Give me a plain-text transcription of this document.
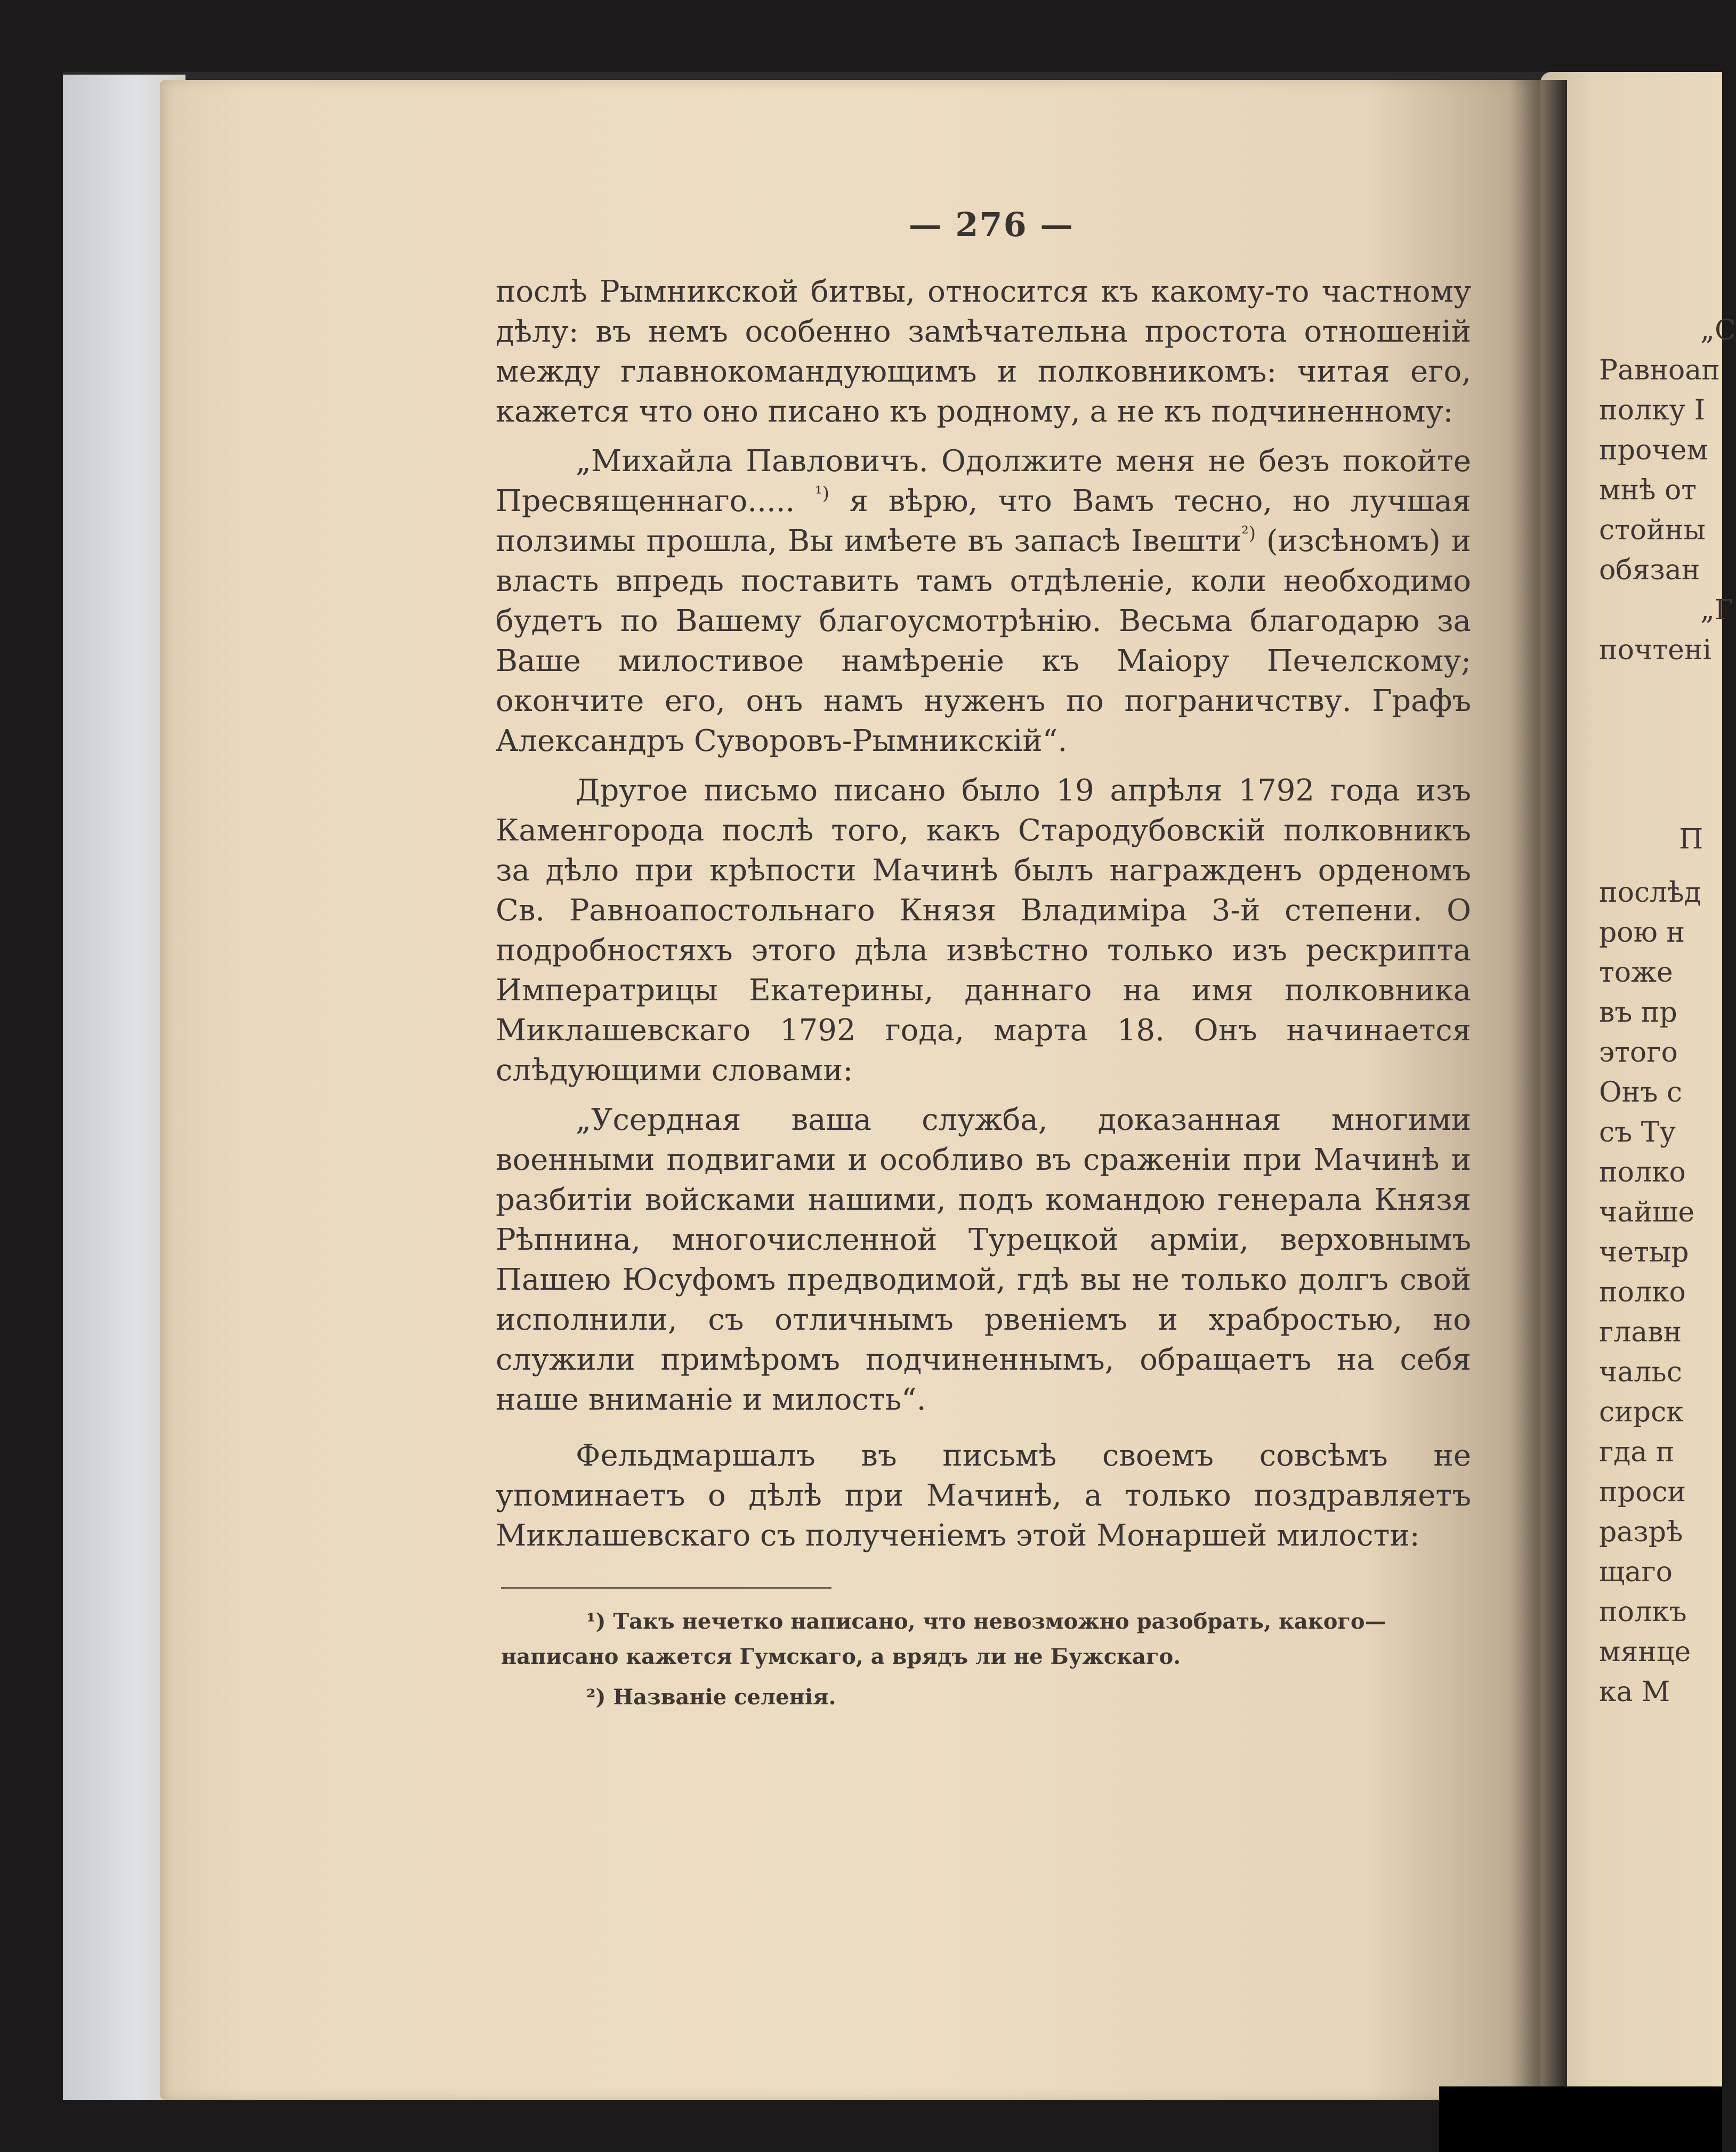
— 276 —

послѣ Рымникской битвы, относится къ какому-то частному дѣлу: въ немъ особенно замѣчательна простота отношеній между главнокомандующимъ и полковникомъ: читая его, кажется что оно писано къ родному, а не къ подчиненному:

„Михайла Павловичъ. Одолжите меня не безъ покойте Пресвященнаго..... $^{^1)}$ я вѣрю, что Вамъ тесно, но лучшая ползимы прошла, Вы имѣете въ запасѣ Івешти$^{^2)}$ (изсѣномъ) и власть впредь поставить тамъ отдѣленіе, коли необходимо будетъ по Вашему благоусмотрѣнію. Весьма благодарю за Ваше милостивое намѣреніе къ Маіору Печелскому; окончите его, онъ намъ нуженъ по пограничству. Графъ Александръ Суворовъ-Рымникскій“.

Другое письмо писано было 19 апрѣля 1792 года изъ Каменгорода послѣ того, какъ Стародубовскій полковникъ за дѣло при крѣпости Мачинѣ былъ награжденъ орденомъ Св. Равноапостольнаго Князя Владиміра 3-й степени. О подробностяхъ этого дѣла извѣстно только изъ рескрипта Императрицы Екатерины, даннаго на имя полковника Миклашевскаго 1792 года, марта 18. Онъ начинается слѣдующими словами:

„Усердная ваша служба, доказанная многими военными подвигами и особливо въ сраженіи при Мачинѣ и разбитіи войсками нашими, подъ командою генерала Князя Рѣпнина, многочисленной Турецкой арміи, верховнымъ Пашею Юсуфомъ предводимой, гдѣ вы не только долгъ свой исполнили, съ отличнымъ рвеніемъ и храбростью, но служили примѣромъ подчиненнымъ, обращаетъ на себя наше вниманіе и милость“.

Фельдмаршалъ въ письмѣ своемъ совсѣмъ не упоминаетъ о дѣлѣ при Мачинѣ, а только поздравляетъ Миклашевскаго съ полученіемъ этой Монаршей милости:

¹) Такъ нечетко написано, что невозможно разобрать, какого—написано кажется Гумскаго, а врядъ ли не Бужскаго.

²) Названіе селенія.

„С
Равноап
полку I
прочем
мнѣ от
стойны
обязан
„Г
почтені
П
послѣд
рою н
тоже
въ пр
этого
Онъ с
съ Ту
полко
чайше
четыр
полко
главн
чальс
сирск
гда п
проси
разрѣ
щаго
полкъ
мянце
ка М
